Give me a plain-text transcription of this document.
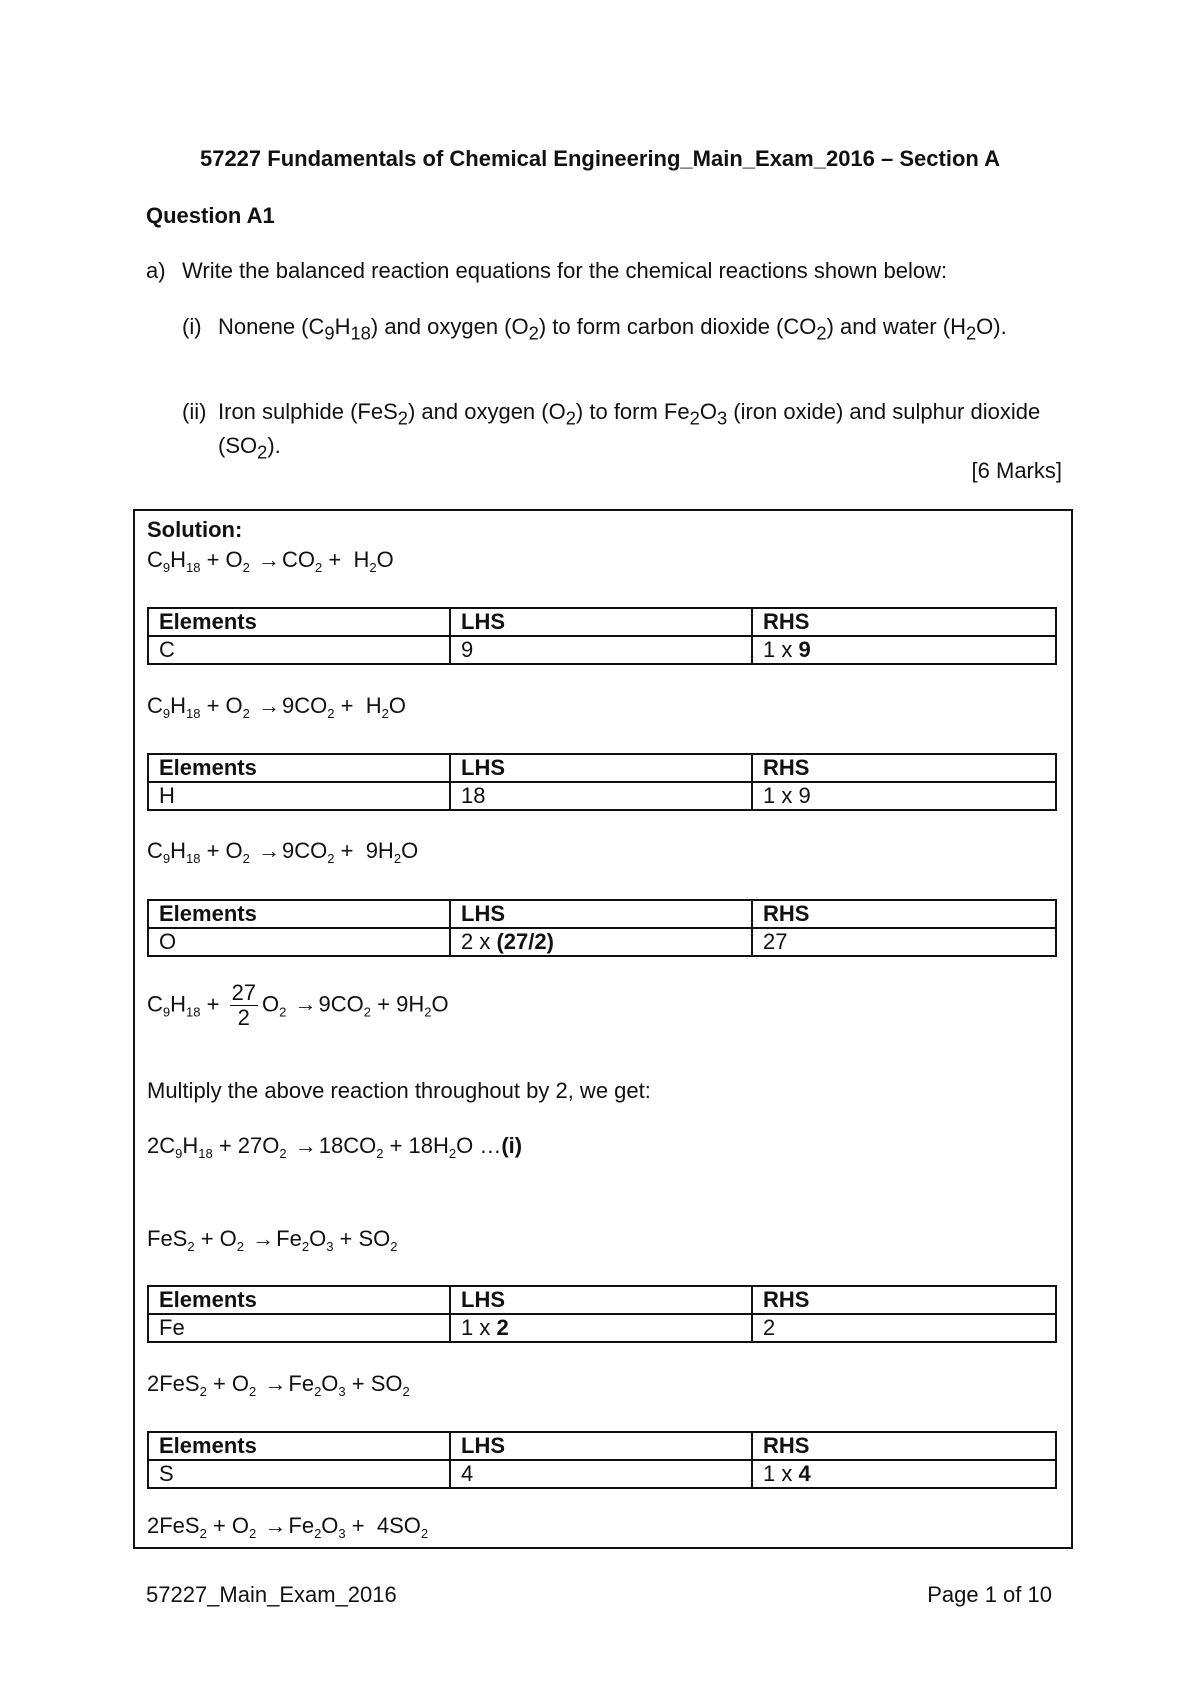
57227 Fundamentals of Chemical Engineering_Main_Exam_2016 – Section A
Question A1
a) Write the balanced reaction equations for the chemical reactions shown below:
(i) Nonene $(C_9H_{18})$ and oxygen $(O_2)$ to form carbon dioxide $(CO_2)$ and water $(H_2O)$.
(ii) Iron sulphide (FeS$_2$) and oxygen $(O_2)$ to form $Fe_2O_3$ (iron oxide) and sulphur dioxide $(SO_2)$.
[6 Marks]
Solution:
$C_9H_{18} + O_2 \to CO_2 + H_2O$
Elements	LHS	RHS
C	9	1 x 9
$C_9H_{18} + O_2 \to 9CO_2 + H_2O$
Elements	LHS	RHS
H	18	1 x 9
$C_9H_{18} + O_2 \to 9CO_2 + 9H_2O$
Elements	LHS	RHS
O	2 x (27/2)	27
$C_9H_{18} + \frac{27}{2} O_2 \to 9CO_2 + 9H_2O$
Multiply the above reaction throughout by 2, we get:
$2C_9H_{18} + 27O_2 \to 18CO_2 + 18H_2O$ …(i)
$FeS_2 + O_2 \to Fe_2O_3 + SO_2$
Elements	LHS	RHS
Fe	1 x 2	2
$2FeS_2 + O_2 \to Fe_2O_3 + SO_2$
Elements	LHS	RHS
S	4	1 x 4
$2FeS_2 + O_2 \to Fe_2O_3 + 4SO_2$
57227_Main_Exam_2016	Page 1 of 10
